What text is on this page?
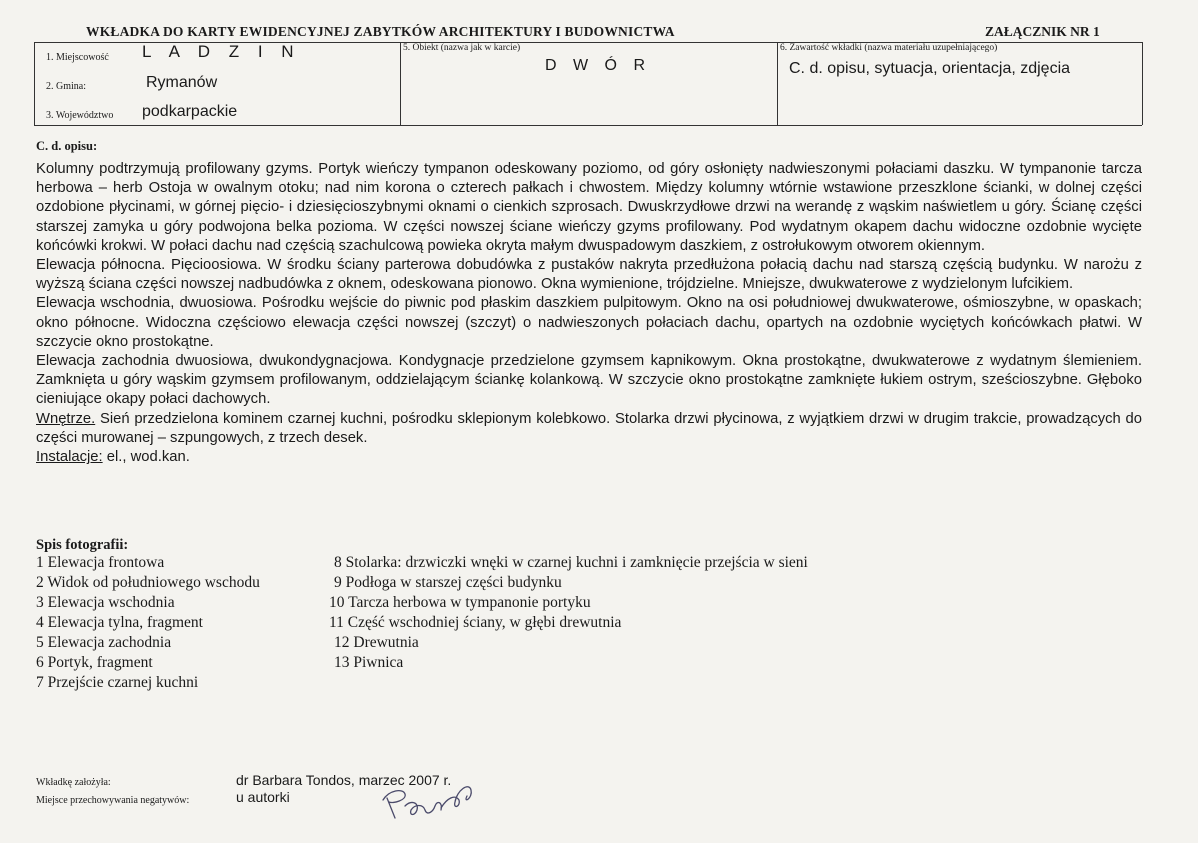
WKŁADKA DO KARTY EWIDENCYJNEJ ZABYTKÓW ARCHITEKTURY I BUDOWNICTWA	ZAŁĄCZNIK NR 1
1. Miejscowość L A D Z I N
2. Gmina:	Rymanów
3. Województwo podkarpackie
5. Obiekt (nazwa jak w karcie)
D W Ó R
6. Zawartość wkładki (nazwa materiału uzupełniającego)
C. d. opisu, sytuacja, orientacja, zdjęcia
C. d. opisu:

Kolumny podtrzymują profilowany gzyms. Portyk wieńczy tympanon odeskowany poziomo, od góry osłonięty nadwieszonymi połaciami daszku. W tympanonie tarcza herbowa – herb Ostoja w owalnym otoku; nad nim korona o czterech pałkach i chwostem. Między kolumny wtórnie wstawione przeszklone ścianki, w dolnej części ozdobione płycinami, w górnej pięcio- i dziesięcioszybnymi oknami o cienkich szprosach. Dwuskrzydłowe drzwi na werandę z wąskim naświetlem u góry. Ścianę części starszej zamyka u góry podwojona belka pozioma. W części nowszej ściane wieńczy gzyms profilowany. Pod wydatnym okapem dachu widoczne ozdobnie wycięte końcówki krokwi. W połaci dachu nad częścią szachulcową powieka okryta małym dwuspadowym daszkiem, z ostrołukowym otworem okiennym.

Elewacja północna. Pięcioosiowa. W środku ściany parterowa dobudówka z pustaków nakryta przedłużona połacią dachu nad starszą częścią budynku. W narożu z wyższą ściana części nowszej nadbudówka z oknem, odeskowana pionowo. Okna wymienione, trójdzielne. Mniejsze, dwukwaterowe z wydzielonym lufcikiem.

Elewacja wschodnia, dwuosiowa. Pośrodku wejście do piwnic pod płaskim daszkiem pulpitowym. Okno na osi południowej dwukwaterowe, ośmioszybne, w opaskach; okno północne. Widoczna częściowo elewacja części nowszej (szczyt) o nadwieszonych połaciach dachu, opartych na ozdobnie wyciętych końcówkach płatwi. W szczycie okno prostokątne.

Elewacja zachodnia dwuosiowa, dwukondygnacjowa. Kondygnacje przedzielone gzymsem kapnikowym. Okna prostokątne, dwukwaterowe z wydatnym ślemieniem. Zamknięta u góry wąskim gzymsem profilowanym, oddzielającym ściankę kolankową. W szczycie okno prostokątne zamknięte łukiem ostrym, sześcioszybne. Głęboko cieniujące okapy połaci dachowych.

Wnętrze. Sień przedzielona kominem czarnej kuchni, pośrodku sklepionym kolebkowo. Stolarka drzwi płycinowa, z wyjątkiem drzwi w drugim trakcie, prowadzących do części murowanej – szpungowych, z trzech desek.

Instalacje: el., wod.kan.

Spis fotografii:
1 Elewacja frontowa
2 Widok od południowego wschodu
3 Elewacja wschodnia
4 Elewacja tylna, fragment
5 Elewacja zachodnia
6 Portyk, fragment
7 Przejście czarnej kuchni
8 Stolarka: drzwiczki wnęki w czarnej kuchni i zamknięcie przejścia w sieni
9 Podłoga w starszej części budynku
10 Tarcza herbowa w tympanonie portyku
11 Część wschodniej ściany, w głębi drewutnia
12 Drewutnia
13 Piwnica
Wkładkę założyła:	dr Barbara Tondos, marzec 2007 r.
Miejsce przechowywania negatywów:	u autorki
